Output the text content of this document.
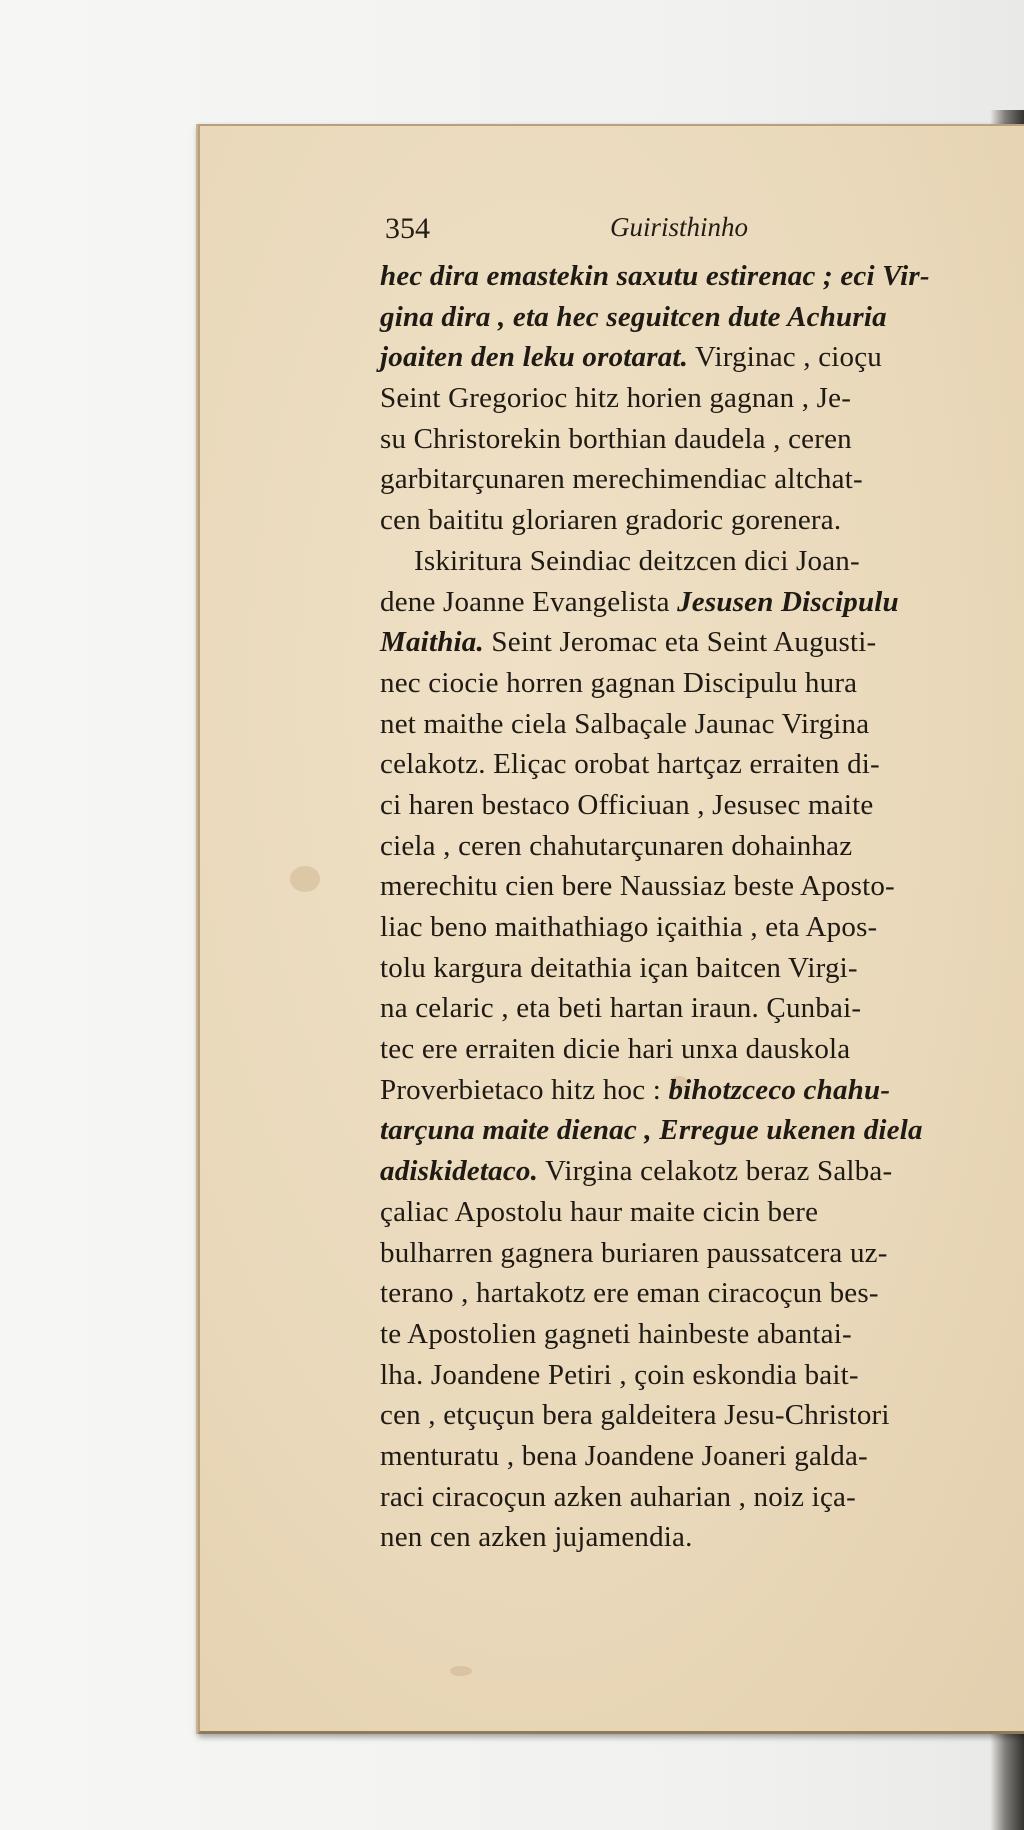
354	Guiristhinho
hec dira emastekin saxutu estirenac ; eci Vir-
gina dira , eta hec seguitcen dute Achuria
joaiten den leku orotarat. Virginac , cioçu
Seint Gregorioc hitz horien gagnan , Je-
su Christorekin borthian daudela , ceren
garbitarçunaren merechimendiac altchat-
cen baititu gloriaren gradoric gorenera.
Iskiritura Seindiac deitzcen dici Joan-
dene Joanne Evangelista Jesusen Discipulu
Maithia. Seint Jeromac eta Seint Augusti-
nec ciocie horren gagnan Discipulu hura
net maithe ciela Salbaçale Jaunac Virgina
celakotz. Eliçac orobat hartçaz erraiten di-
ci haren bestaco Officiuan , Jesusec maite
ciela , ceren chahutarçunaren dohainhaz
merechitu cien bere Naussiaz beste Aposto-
liac beno maithathiago içaithia , eta Apos-
tolu kargura deitathia içan baitcen Virgi-
na celaric , eta beti hartan iraun. Çunbai-
tec ere erraiten dicie hari unxa dauskola
Proverbietaco hitz hoc : bihotzceco chahu-
tarçuna maite dienac , Erregue ukenen diela
adiskidetaco. Virgina celakotz beraz Salba-
çaliac Apostolu haur maite cicin bere
bulharren gagnera buriaren paussatcera uz-
terano , hartakotz ere eman ciracoçun bes-
te Apostolien gagneti hainbeste abantai-
lha. Joandene Petiri , çoin eskondia bait-
cen , etçuçun bera galdeitera Jesu-Christori
menturatu , bena Joandene Joaneri galda-
raci ciracoçun azken auharian , noiz iça-
nen cen azken jujamendia.
